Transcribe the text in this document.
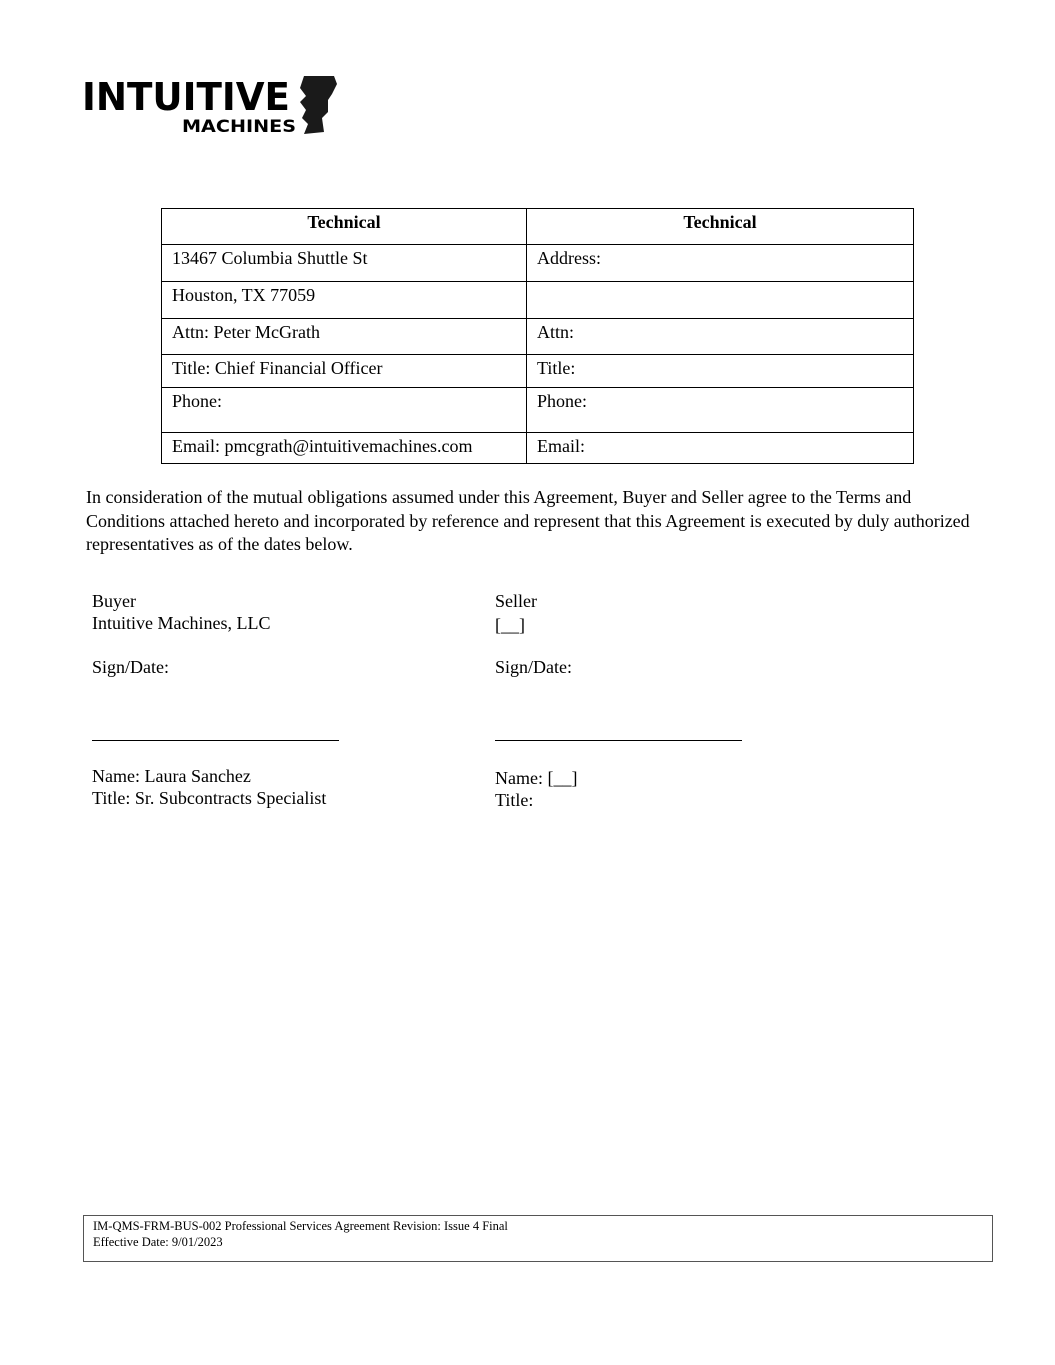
INTUITIVE
MACHINES
Technical	Technical
13467 Columbia Shuttle St	Address:
Houston, TX 77059	
Attn: Peter McGrath	Attn:
Title: Chief Financial Officer	Title:
Phone:	Phone:
Email: pmcgrath@intuitivemachines.com	Email:
In consideration of the mutual obligations assumed under this Agreement, Buyer and Seller agree to the Terms and Conditions attached hereto and incorporated by reference and represent that this Agreement is executed by duly authorized representatives as of the dates below.
Buyer
Intuitive Machines, LLC
Sign/Date:
Name: Laura Sanchez
Title: Sr. Subcontracts Specialist
Seller
[__]
Sign/Date:
Name: [__]
Title:
IM-QMS-FRM-BUS-002 Professional Services Agreement Revision: Issue 4 Final
Effective Date: 9/01/2023
